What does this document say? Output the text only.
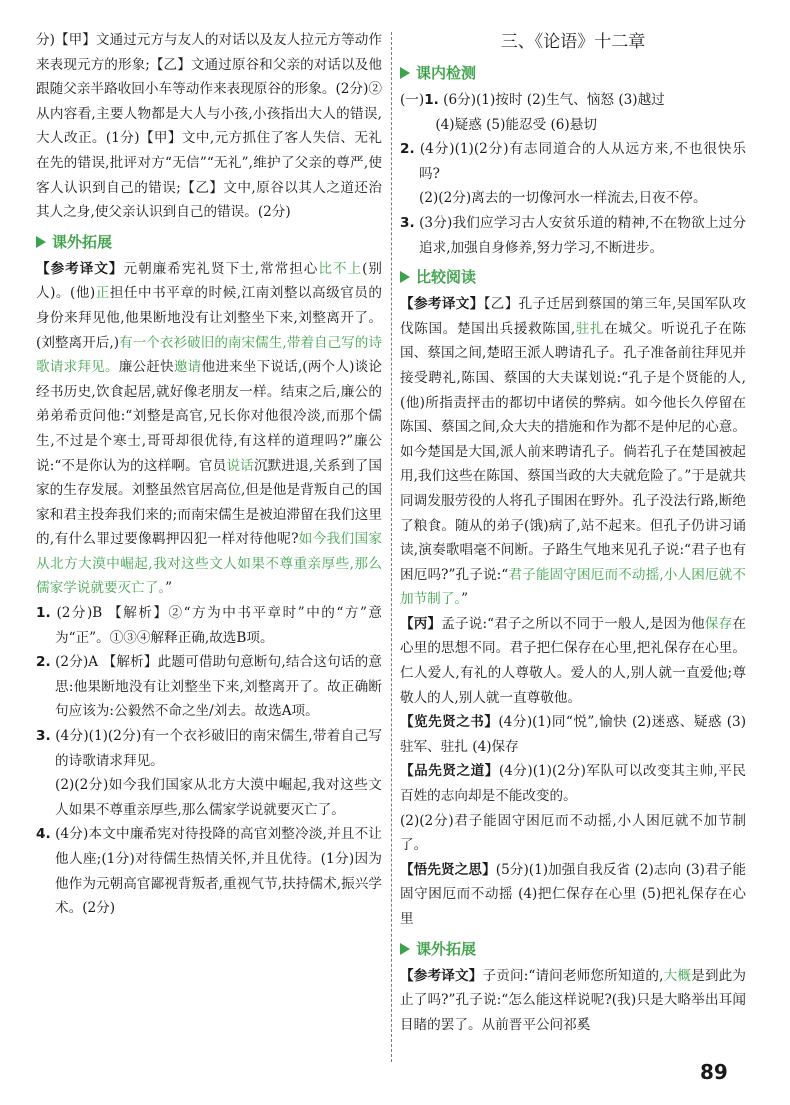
分)【甲】文通过元方与友人的对话以及友人拉元方等动作来表现元方的形象;【乙】文通过原谷和父亲的对话以及他跟随父亲半路收回小车等动作来表现原谷的形象。(2分)②从内容看,主要人物都是大人与小孩,小孩指出大人的错误,大人改正。(1分)【甲】文中,元方抓住了客人失信、无礼在先的错误,批评对方“无信”“无礼”,维护了父亲的尊严,使客人认识到自己的错误;【乙】文中,原谷以其人之道还治其人之身,使父亲认识到自己的错误。(2分)

课外拓展

【参考译文】元朝廉希宪礼贤下士,常常担心比不上(别人)。(他)正担任中书平章的时候,江南刘整以高级官员的身份来拜见他,他果断地没有让刘整坐下来,刘整离开了。(刘整离开后,)有一个衣衫破旧的南宋儒生,带着自己写的诗歌请求拜见。廉公赶快邀请他进来坐下说话,(两个人)谈论经书历史,饮食起居,就好像老朋友一样。结束之后,廉公的弟弟希贡问他:“刘整是高官,兄长你对他很冷淡,而那个儒生,不过是个寒士,哥哥却很优待,有这样的道理吗?”廉公说:“不是你认为的这样啊。官员说话沉默进退,关系到了国家的生存发展。刘整虽然官居高位,但是他是背叛自己的国家和君主投奔我们来的;而南宋儒生是被迫滞留在我们这里的,有什么罪过要像羁押囚犯一样对待他呢?如今我们国家从北方大漠中崛起,我对这些文人如果不尊重亲厚些,那么儒家学说就要灭亡了。”

1. (2分)B 【解析】②“方为中书平章时”中的“方”意为“正”。①③④解释正确,故选B项。

2. (2分)A 【解析】此题可借助句意断句,结合这句话的意思:他果断地没有让刘整坐下来,刘整离开了。故正确断句应该为:公毅然不命之坐/刘去。故选A项。

3. (4分)(1)(2分)有一个衣衫破旧的南宋儒生,带着自己写的诗歌请求拜见。

(2)(2分)如今我们国家从北方大漠中崛起,我对这些文人如果不尊重亲厚些,那么儒家学说就要灭亡了。

4. (4分)本文中廉希宪对待投降的高官刘整冷淡,并且不让他人座;(1分)对待儒生热情关怀,并且优待。(1分)因为他作为元朝高官鄙视背叛者,重视气节,扶持儒术,振兴学术。(2分)

三、《论语》十二章
课内检测

(一)1. (6分)(1)按时 (2)生气、恼怒 (3)越过

(4)疑惑 (5)能忍受 (6)悬切

2. (4分)(1)(2分)有志同道合的人从远方来,不也很快乐吗?

(2)(2分)离去的一切像河水一样流去,日夜不停。

3. (3分)我们应学习古人安贫乐道的精神,不在物欲上过分追求,加强自身修养,努力学习,不断进步。

比较阅读

【参考译文】【乙】孔子迁居到蔡国的第三年,吴国军队攻伐陈国。楚国出兵援救陈国,驻扎在城父。听说孔子在陈国、蔡国之间,楚昭王派人聘请孔子。孔子准备前往拜见并接受聘礼,陈国、蔡国的大夫谋划说:“孔子是个贤能的人,(他)所指责抨击的都切中诸侯的弊病。如今他长久停留在陈国、蔡国之间,众大夫的措施和作为都不是仲尼的心意。如今楚国是大国,派人前来聘请孔子。倘若孔子在楚国被起用,我们这些在陈国、蔡国当政的大夫就危险了。”于是就共同调发服劳役的人将孔子围困在野外。孔子没法行路,断绝了粮食。随从的弟子(饿)病了,站不起来。但孔子仍讲习诵读,演奏歌唱毫不间断。子路生气地来见孔子说:“君子也有困厄吗?”孔子说:“君子能固守困厄而不动摇,小人困厄就不加节制了。”

【丙】孟子说:“君子之所以不同于一般人,是因为他保存在心里的思想不同。君子把仁保存在心里,把礼保存在心里。仁人爱人,有礼的人尊敬人。爱人的人,别人就一直爱他;尊敬人的人,别人就一直尊敬他。

【览先贤之书】(4分)(1)同“悦”,愉快 (2)迷惑、疑惑 (3)驻军、驻扎 (4)保存

【品先贤之道】(4分)(1)(2分)军队可以改变其主帅,平民百姓的志向却是不能改变的。

(2)(2分)君子能固守困厄而不动摇,小人困厄就不加节制了。

【悟先贤之思】(5分)(1)加强自我反省 (2)志向 (3)君子能固守困厄而不动摇 (4)把仁保存在心里 (5)把礼保存在心里

课外拓展

【参考译文】子贡问:“请问老师您所知道的,大概是到此为止了吗?”孔子说:“怎么能这样说呢?(我)只是大略举出耳闻目睹的罢了。从前晋平公问祁奚

89
